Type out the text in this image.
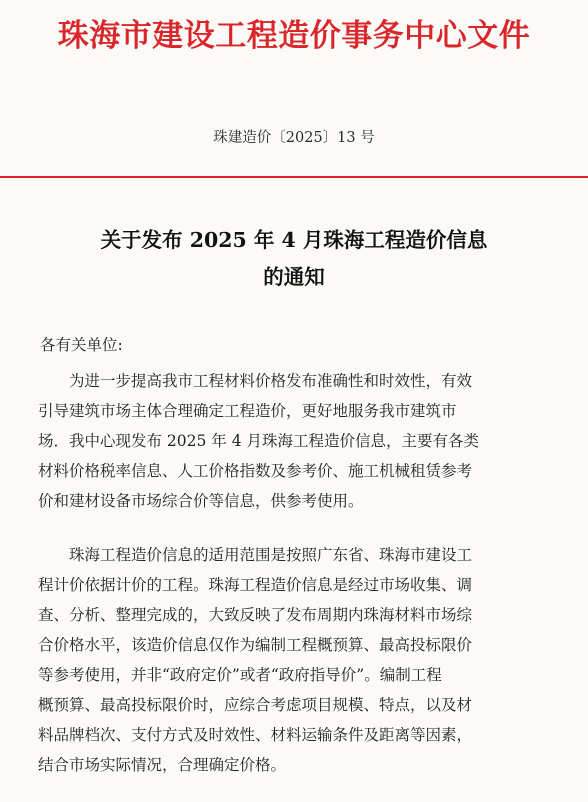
珠海市建设工程造价事务中心文件
珠建造价〔2025〕13 号
关于发布 2025 年 4 月珠海工程造价信息
的通知
各有关单位:
为进一步提高我市工程材料价格发布准确性和时效性，有效
引导建筑市场主体合理确定工程造价，更好地服务我市建筑市
场．我中心现发布 2025 年 4 月珠海工程造价信息，主要有各类
材料价格税率信息、人工价格指数及参考价、施工机械租赁参考
价和建材设备市场综合价等信息，供参考使用。
珠海工程造价信息的适用范围是按照广东省、珠海市建设工
程计价依据计价的工程。珠海工程造价信息是经过市场收集、调
查、分析、整理完成的，大致反映了发布周期内珠海材料市场综
合价格水平，该造价信息仅作为编制工程概预算、最高投标限价
等参考使用，并非“政府定价”或者“政府指导价”。编制工程
概预算、最高投标限价时，应综合考虑项目规模、特点，以及材
料品牌档次、支付方式及时效性、材料运输条件及距离等因素，
结合市场实际情况，合理确定价格。
